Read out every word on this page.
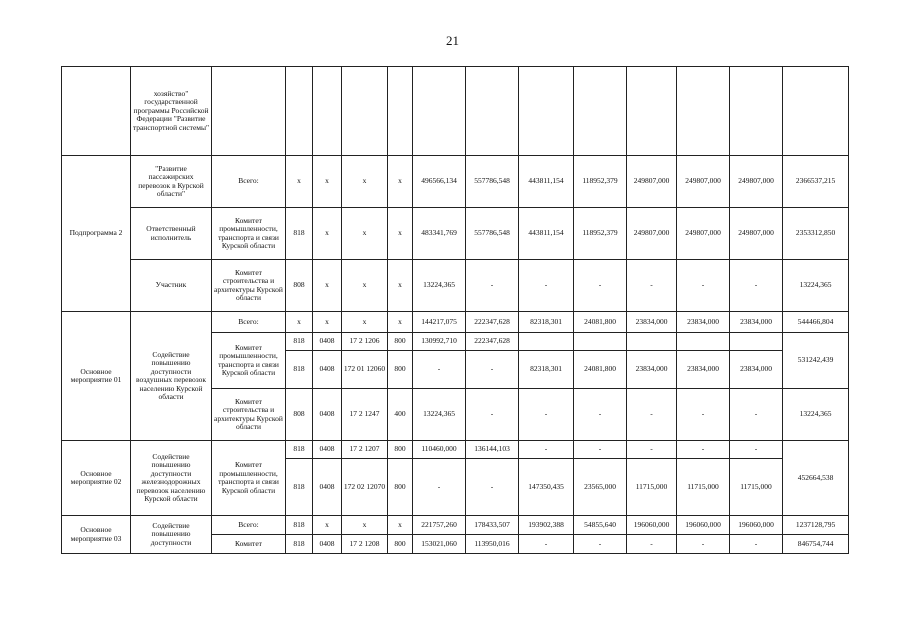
21
	хозяйство" государственной программы Российской Федерации "Развитие транспортной системы"													
Подпрограмма 2	"Развитие пассажирских перевозок в Курской области"	Всего:	x	x	x	x	496566,134	557786,548	443811,154	118952,379	249807,000	249807,000	249807,000	2366537,215
	Ответственный исполнитель	Комитет промышленности, транспорта и связи Курской области	818	x	x	x	483341,769	557786,548	443811,154	118952,379	249807,000	249807,000	249807,000	2353312,850
	Участник	Комитет строительства и архитектуры Курской области	808	x	x	x	13224,365	-	-	-	-	-	-	13224,365
Основное мероприятие 01	Содействие повышению доступности воздушных перевозок населению Курской области	Всего:	x	x	x	x	144217,075	222347,628	82318,301	24081,800	23834,000	23834,000	23834,000	544466,804
		Комитет промышленности, транспорта и связи Курской области	818	0408	17 2 1206	800	130992,710	222347,628						531242,439
			818	0408	172 01 12060	800	-	-	82318,301	24081,800	23834,000	23834,000	23834,000	
		Комитет строительства и архитектуры Курской области	808	0408	17 2 1247	400	13224,365	-	-	-	-	-	-	13224,365
Основное мероприятие 02	Содействие повышению доступности железнодорожных перевозок населению Курской области	Комитет промышленности, транспорта и связи Курской области	818	0408	17 2 1207	800	110460,000	136144,103	-	-	-	-	-	452664,538
			818	0408	172 02 12070	800	-	-	147350,435	23565,000	11715,000	11715,000	11715,000	
Основное мероприятие 03	Содействие повышению доступности	Всего:	818	x	x	x	221757,260	178433,507	193902,388	54855,640	196060,000	196060,000	196060,000	1237128,795
		Комитет	818	0408	17 2 1208	800	153021,060	113950,016	-	-	-	-	-	846754,744
